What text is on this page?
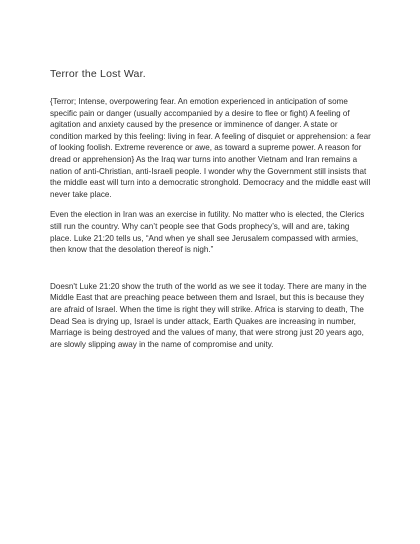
Terror the Lost War.

{Terror; Intense, overpowering fear. An emotion experienced in anticipation of some specific pain or danger (usually accompanied by a desire to flee or fight) A feeling of agitation and anxiety caused by the presence or imminence of danger. A state or condition marked by this feeling: living in fear. A feeling of disquiet or apprehension: a fear of looking foolish. Extreme reverence or awe, as toward a supreme power. A reason for dread or apprehension} As the Iraq war turns into another Vietnam and Iran remains a nation of anti-Christian, anti-Israeli people. I wonder why the Government still insists that the middle east will turn into a democratic stronghold. Democracy and the middle east will never take place.

Even the election in Iran was an exercise in futility. No matter who is elected, the Clerics still run the country. Why can’t people see that Gods prophecy’s, will and are, taking place. Luke 21:20 tells us, “And when ye shall see Jerusalem compassed with armies, then know that the desolation thereof is nigh.”

Doesn't Luke 21:20 show the truth of the world as we see it today. There are many in the Middle East that are preaching peace between them and Israel, but this is because they are afraid of Israel. When the time is right they will strike. Africa is starving to death, The Dead Sea is drying up, Israel is under attack, Earth Quakes are increasing in number, Marriage is being destroyed and the values of many, that were strong just 20 years ago, are slowly slipping away in the name of compromise and unity.
